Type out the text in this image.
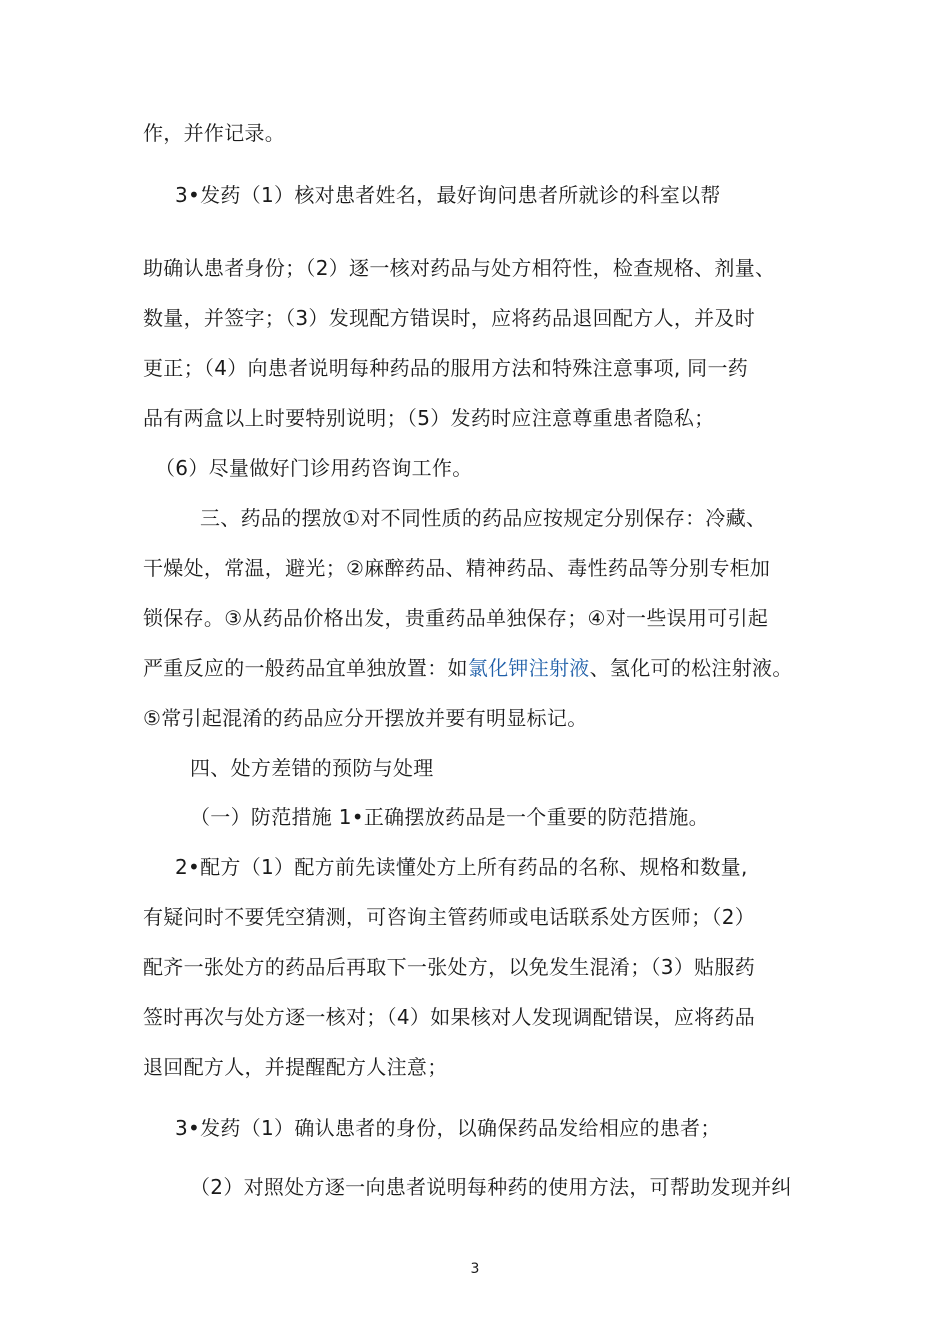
作，并作记录。
3•发药（1）核对患者姓名，最好询问患者所就诊的科室以帮
助确认患者身份；（2）逐一核对药品与处方相符性，检查规格、剂量、
数量，并签字；（3）发现配方错误时，应将药品退回配方人，并及时
更正；（4）向患者说明每种药品的服用方法和特殊注意事项, 同一药
品有两盒以上时要特别说明；（5）发药时应注意尊重患者隐私；
（6）尽量做好门诊用药咨询工作。
三、药品的摆放①对不同性质的药品应按规定分别保存：冷藏、
干燥处，常温，避光；②麻醉药品、精神药品、毒性药品等分别专柜加
锁保存。③从药品价格出发，贵重药品单独保存；④对一些误用可引起
严重反应的一般药品宜单独放置：如氯化钾注射液、氢化可的松注射液。
⑤常引起混淆的药品应分开摆放并要有明显标记。
四、处方差错的预防与处理
（一）防范措施 1•正确摆放药品是一个重要的防范措施。
2•配方（1）配方前先读懂处方上所有药品的名称、规格和数量,
有疑问时不要凭空猜测，可咨询主管药师或电话联系处方医师；（2）
配齐一张处方的药品后再取下一张处方，以免发生混淆；（3）贴服药
签时再次与处方逐一核对；（4）如果核对人发现调配错误，应将药品
退回配方人，并提醒配方人注意；
3•发药（1）确认患者的身份，以确保药品发给相应的患者；
（2）对照处方逐一向患者说明每种药的使用方法，可帮助发现并纠
3
